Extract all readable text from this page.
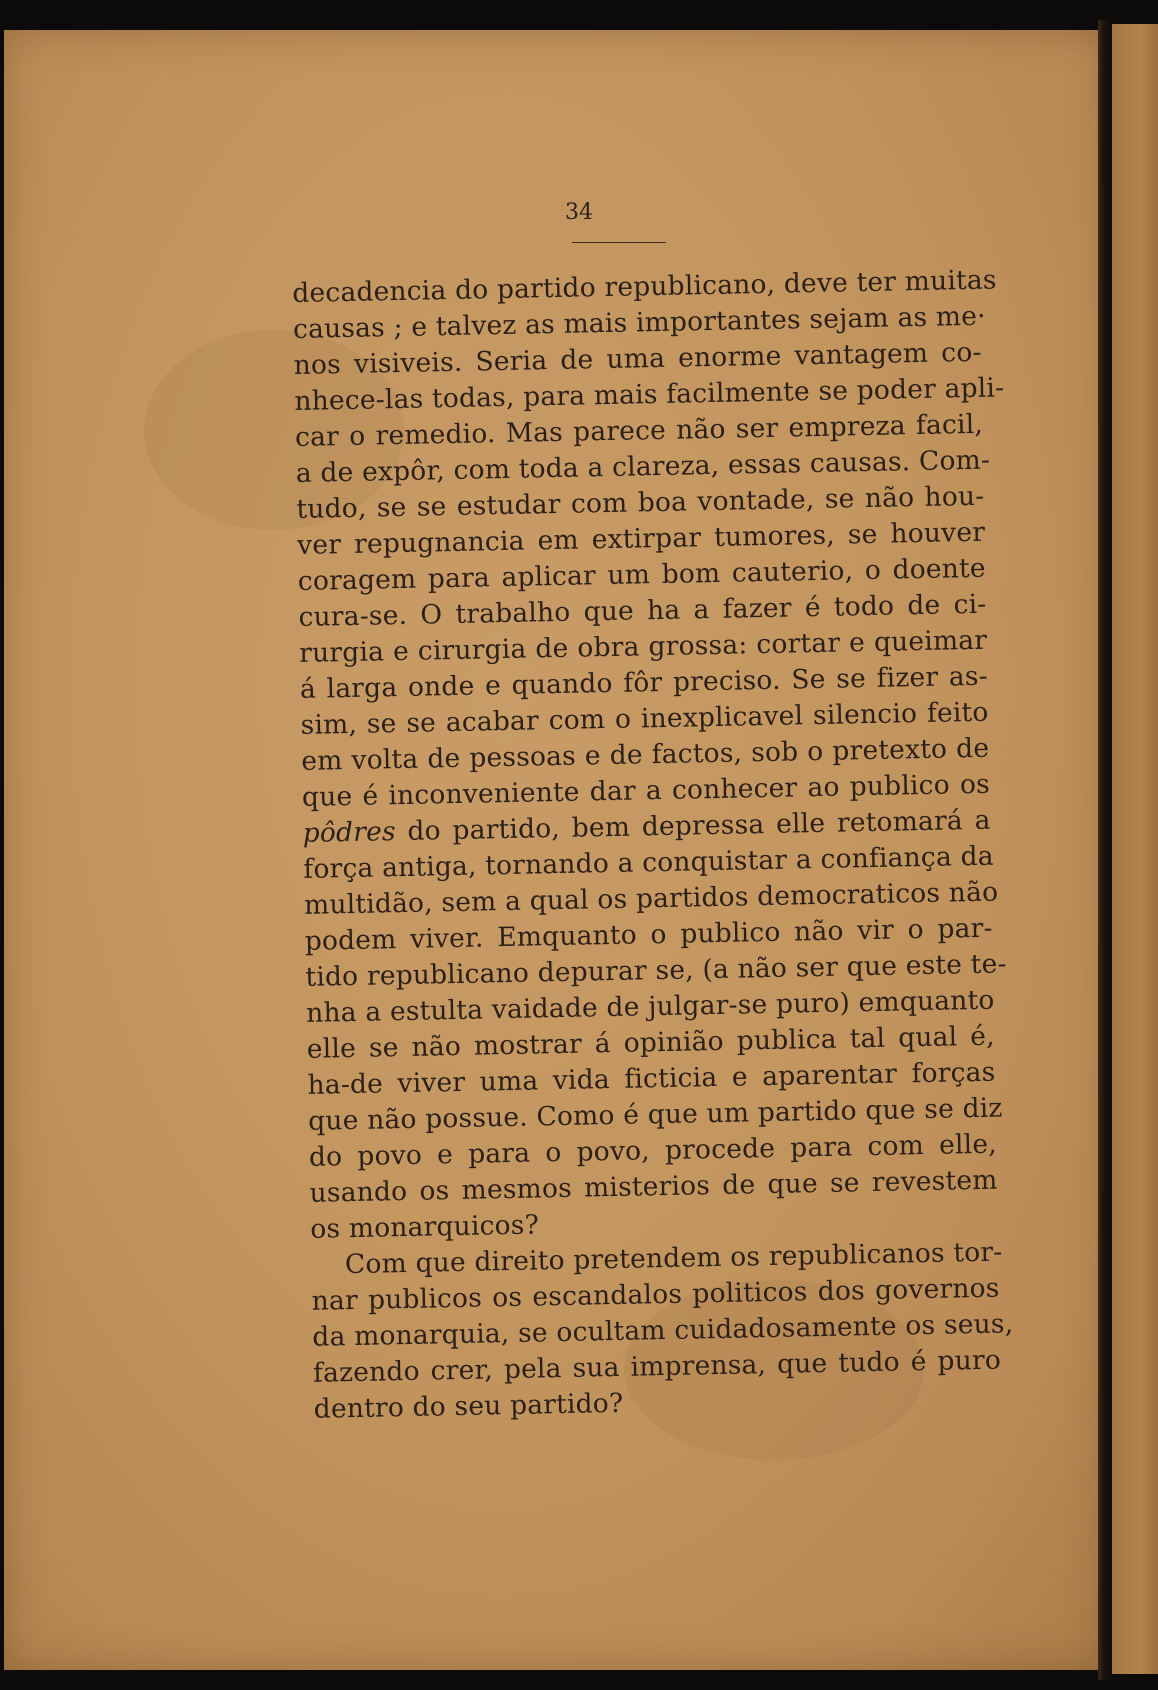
34
decadencia do partido republicano, deve ter muitas
causas ; e talvez as mais importantes sejam as me·
nos visiveis. Seria de uma enorme vantagem co-
nhece-las todas, para mais facilmente se poder apli-
car o remedio. Mas parece não ser empreza facil,
a de expôr, com toda a clareza, essas causas. Com-
tudo, se se estudar com boa vontade, se não hou-
ver repugnancia em extirpar tumores, se houver
coragem para aplicar um bom cauterio, o doente
cura-se. O trabalho que ha a fazer é todo de ci-
rurgia e cirurgia de obra grossa: cortar e queimar
á larga onde e quando fôr preciso. Se se fizer as-
sim, se se acabar com o inexplicavel silencio feito
em volta de pessoas e de factos, sob o pretexto de
que é inconveniente dar a conhecer ao publico os
pôdres do partido, bem depressa elle retomará a
força antiga, tornando a conquistar a confiança da
multidão, sem a qual os partidos democraticos não
podem viver. Emquanto o publico não vir o par-
tido republicano depurar se, (a não ser que este te-
nha a estulta vaidade de julgar-se puro) emquanto
elle se não mostrar á opinião publica tal qual é,
ha-de viver uma vida ficticia e aparentar forças
que não possue. Como é que um partido que se diz
do povo e para o povo, procede para com elle,
usando os mesmos misterios de que se revestem
os monarquicos?
Com que direito pretendem os republicanos tor-
nar publicos os escandalos politicos dos governos
da monarquia, se ocultam cuidadosamente os seus,
fazendo crer, pela sua imprensa, que tudo é puro
dentro do seu partido?
